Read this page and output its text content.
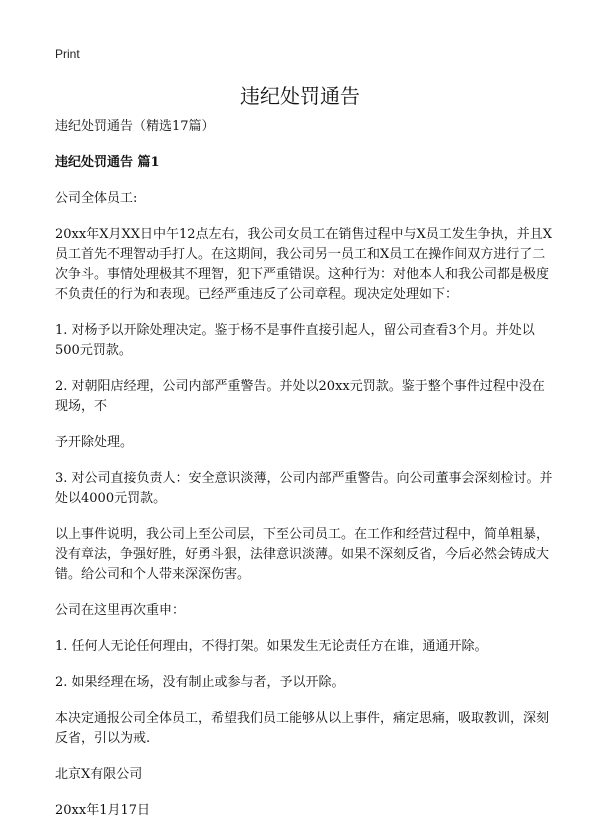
Print
违纪处罚通告

违纪处罚通告（精选17篇）

违纪处罚通告 篇1

公司全体员工:

20xx年X月XX日中午12点左右，我公司女员工在销售过程中与X员工发生争执，并且X员工首先不理智动手打人。在这期间，我公司另一员工和X员工在操作间双方进行了二次争斗。事情处理极其不理智，犯下严重错误。这种行为：对他本人和我公司都是极度不负责任的行为和表现。已经严重违反了公司章程。现决定处理如下：

1. 对杨予以开除处理决定。鉴于杨不是事件直接引起人，留公司查看3个月。并处以500元罚款。

2. 对朝阳店经理，公司内部严重警告。并处以20xx元罚款。鉴于整个事件过程中没在现场，不

予开除处理。

3. 对公司直接负责人：安全意识淡薄，公司内部严重警告。向公司董事会深刻检讨。并处以4000元罚款。

以上事件说明，我公司上至公司层，下至公司员工。在工作和经营过程中，简单粗暴，没有章法，争强好胜，好勇斗狠，法律意识淡薄。如果不深刻反省，今后必然会铸成大错。给公司和个人带来深深伤害。

公司在这里再次重申：

1. 任何人无论任何理由，不得打架。如果发生无论责任方在谁，通通开除。

2. 如果经理在场，没有制止或参与者，予以开除。

本决定通报公司全体员工，希望我们员工能够从以上事件，痛定思痛，吸取教训，深刻反省，引以为戒.

北京X有限公司

20xx年1月17日
